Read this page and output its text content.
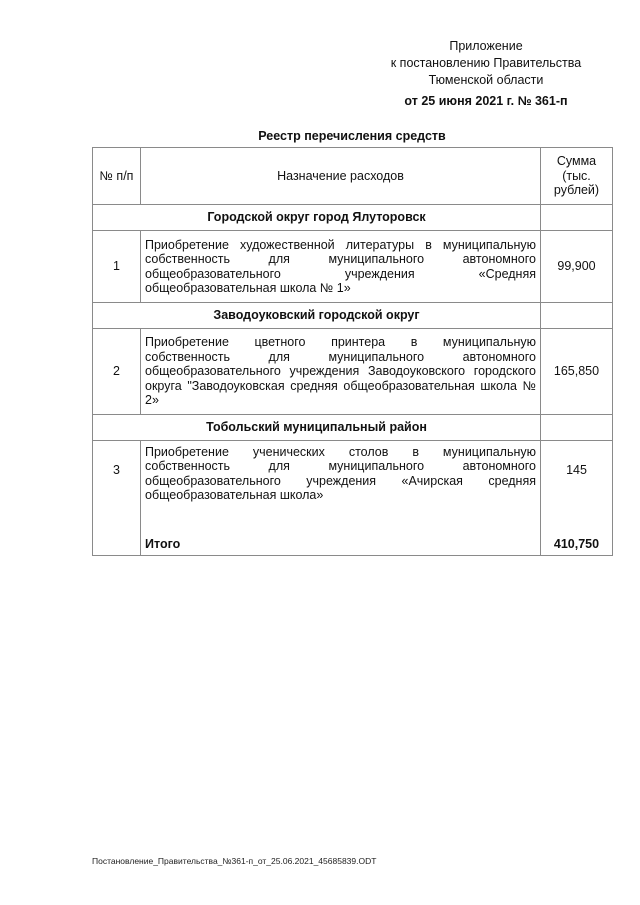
Приложение
к постановлению Правительства
Тюменской области
от 25 июня 2021 г. № 361-п
Реестр перечисления средств
№ п/п	Назначение расходов	Сумма (тыс. рублей)
Городской округ город Ялуторовск		
1	Приобретение художественной литературы в муниципальную собственность для муниципального автономного общеобразовательного учреждения «Средняя общеобразовательная школа № 1»	99,900
Заводоуковский городской округ		
2	Приобретение цветного принтера в муниципальную собственность для муниципального автономного общеобразовательного учреждения Заводоуковского городского округа "Заводоуковская средняя общеобразовательная школа № 2»	165,850
Тобольский муниципальный район		
3	Приобретение ученических столов в муниципальную собственность для муниципального автономного общеобразовательного учреждения «Ачирская средняя общеобразовательная школа»	145
	Итого	410,750
Постановление_Правительства_№361-п_от_25.06.2021_45685839.ODT
